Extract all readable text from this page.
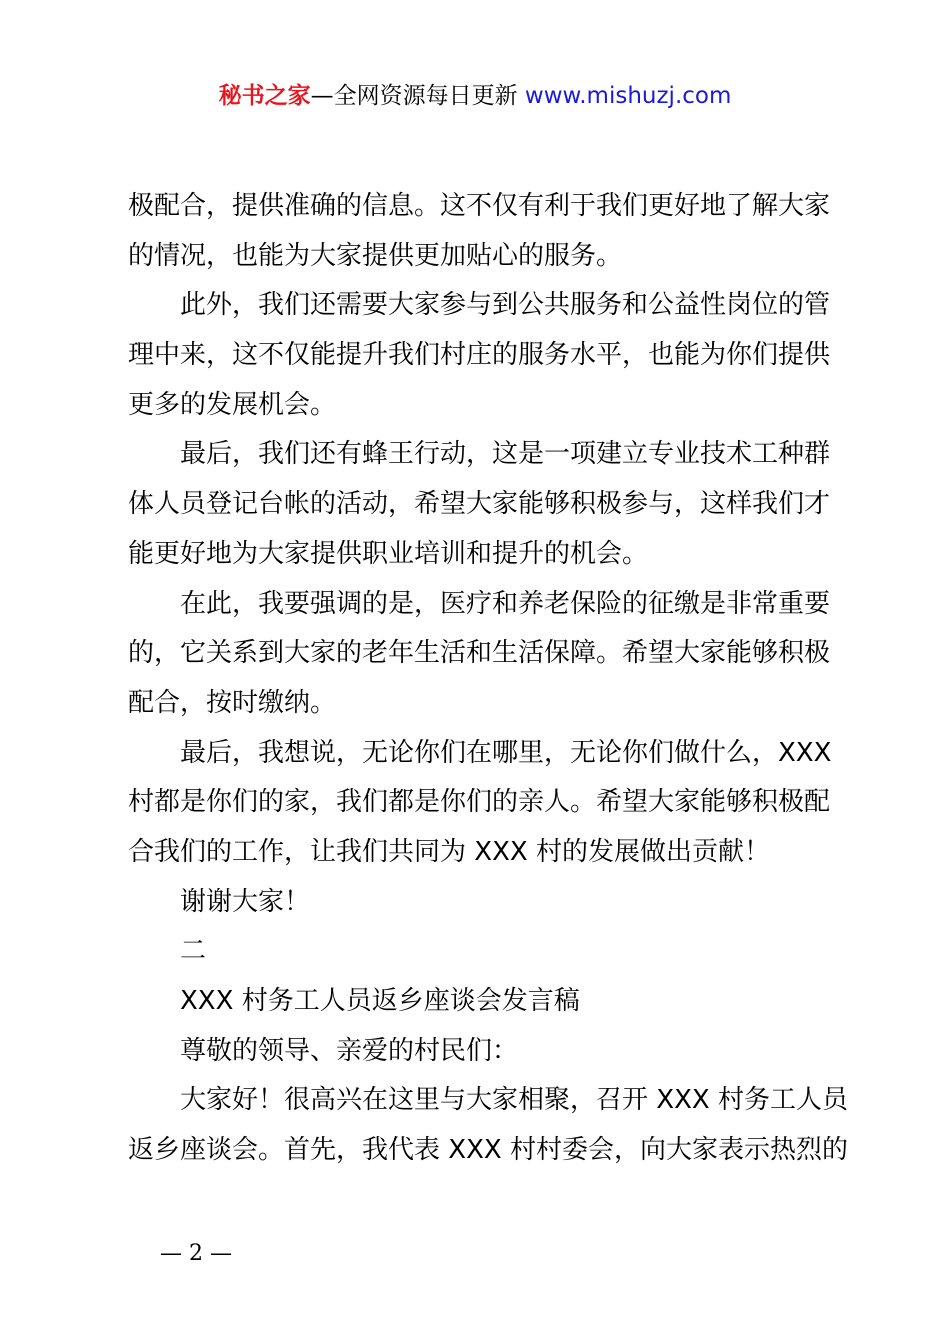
秘书之家—全网资源每日更新 www.mishuzj.com
极配合，提供准确的信息。这不仅有利于我们更好地了解大家
的情况，也能为大家提供更加贴心的服务。
此外，我们还需要大家参与到公共服务和公益性岗位的管
理中来，这不仅能提升我们村庄的服务水平，也能为你们提供
更多的发展机会。
最后，我们还有蜂王行动，这是一项建立专业技术工种群
体人员登记台帐的活动，希望大家能够积极参与，这样我们才
能更好地为大家提供职业培训和提升的机会。
在此，我要强调的是，医疗和养老保险的征缴是非常重要
的，它关系到大家的老年生活和生活保障。希望大家能够积极
配合，按时缴纳。
最后，我想说，无论你们在哪里，无论你们做什么，XXX
村都是你们的家，我们都是你们的亲人。希望大家能够积极配
合我们的工作，让我们共同为 XXX 村的发展做出贡献！
谢谢大家！
二
XXX 村务工人员返乡座谈会发言稿
尊敬的领导、亲爱的村民们：
大家好！很高兴在这里与大家相聚，召开 XXX 村务工人员
返乡座谈会。首先，我代表 XXX 村村委会，向大家表示热烈的
— 2 —
